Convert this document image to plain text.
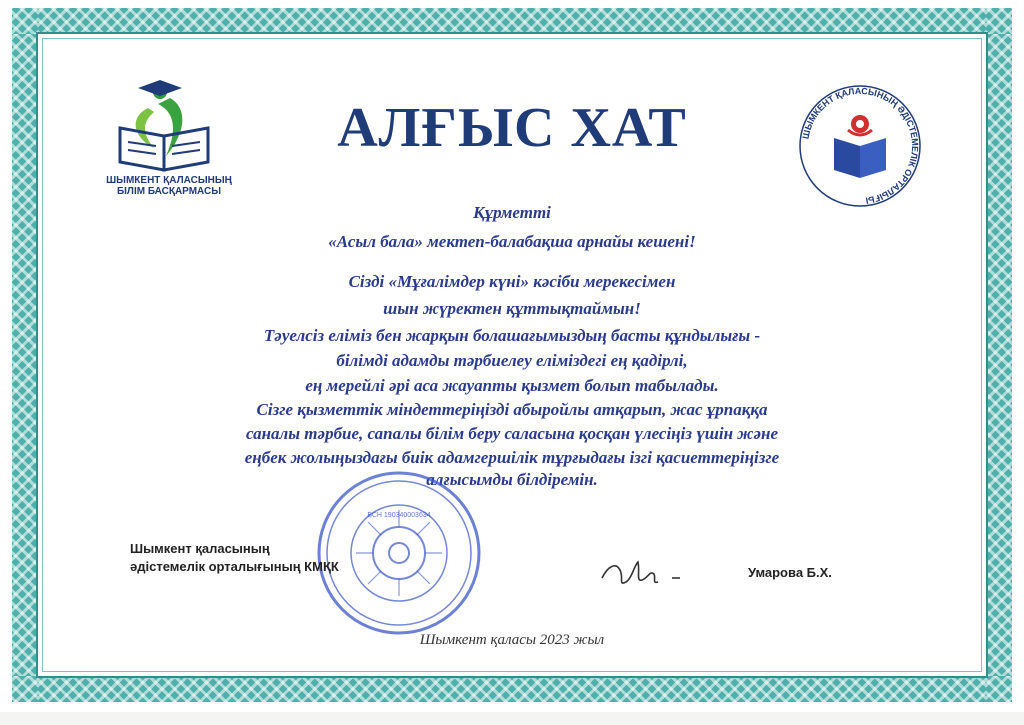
ШЫМКЕНТ ҚАЛАСЫНЫҢ
БІЛІМ БАСҚАРМАСЫ
АЛҒЫС ХАТ	ШЫМКЕНТ ҚАЛАСЫНЫҢ ӘДІСТЕМЕЛІК ОРТАЛЫҒЫ
Құрметті
«Асыл бала» мектеп-балабақша арнайы кешені!
Сізді «Мұғалімдер күні» кәсіби мерекесімен
шын жүректен құттықтаймын!
Тәуелсіз еліміз бен жарқын болашағымыздың басты құндылығы -
білімді адамды тәрбиелеу еліміздегі ең қадірлі,
ең мерейлі әрі аса жауапты қызмет болып табылады.
Сізге қызметтік міндеттеріңізді абыройлы атқарып, жас ұрпаққа
саналы тәрбие, сапалы білім беру саласына қосқан үлесіңіз үшін және
еңбек жолыңыздағы биік адамгершілік тұрғыдағы ізгі қасиеттеріңізге
алғысымды білдіремін.
БСН 190340003634
Шымкент қаласының
әдістемелік орталығының КМҚК	Умарова Б.Х.
Шымкент қаласы 2023 жыл
